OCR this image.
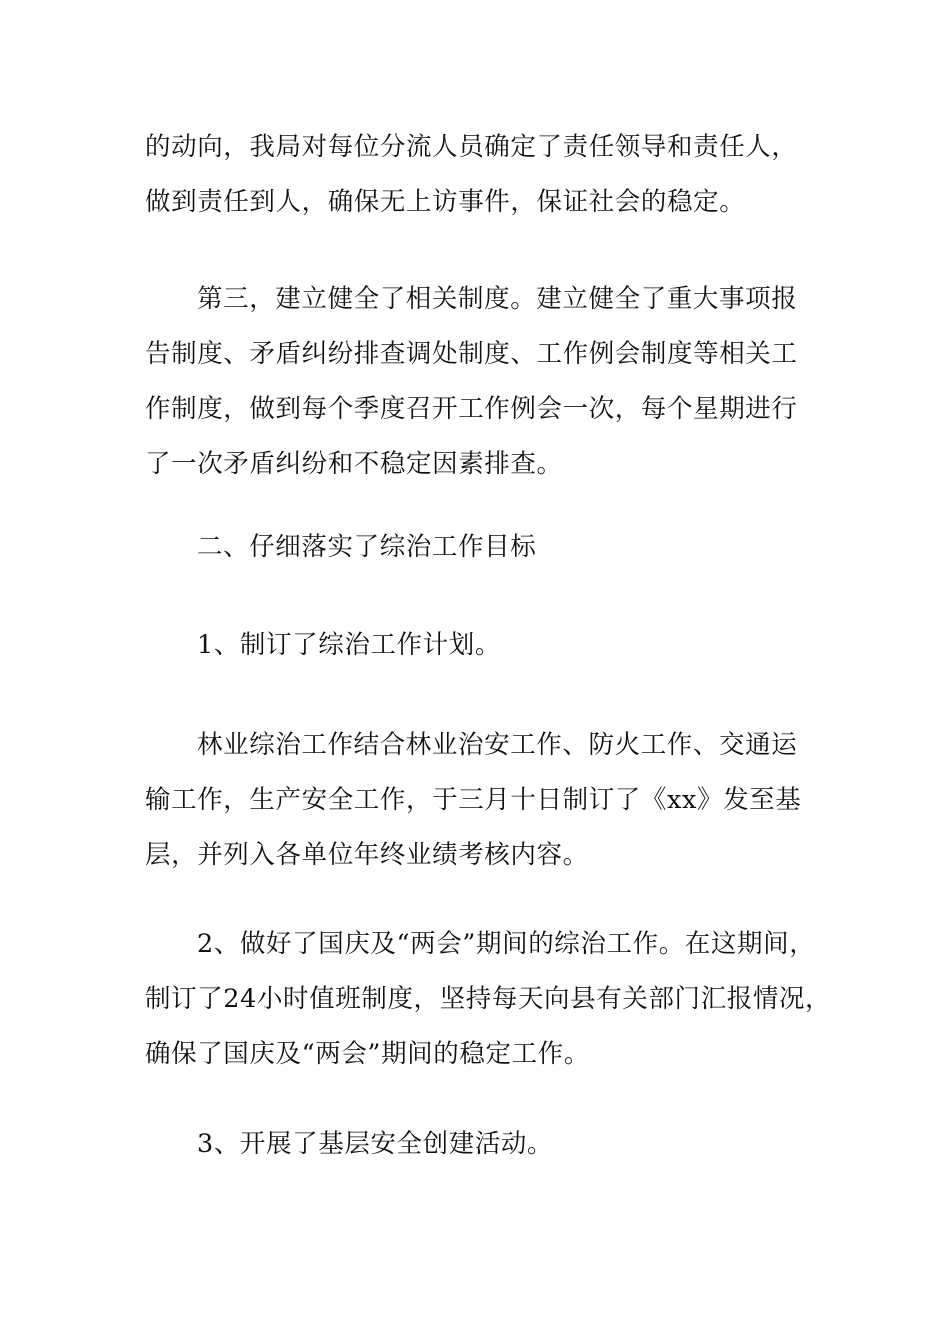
的动向，我局对每位分流人员确定了责任领导和责任人，
做到责任到人，确保无上访事件，保证社会的稳定。
第三，建立健全了相关制度。建立健全了重大事项报
告制度、矛盾纠纷排查调处制度、工作例会制度等相关工
作制度，做到每个季度召开工作例会一次，每个星期进行
了一次矛盾纠纷和不稳定因素排查。
二、仔细落实了综治工作目标
1、制订了综治工作计划。
林业综治工作结合林业治安工作、防火工作、交通运
输工作，生产安全工作，于三月十日制订了《xx》发至基
层，并列入各单位年终业绩考核内容。
2、做好了国庆及“两会”期间的综治工作。在这期间，
制订了24小时值班制度，坚持每天向县有关部门汇报情况，
确保了国庆及“两会”期间的稳定工作。
3、开展了基层安全创建活动。
